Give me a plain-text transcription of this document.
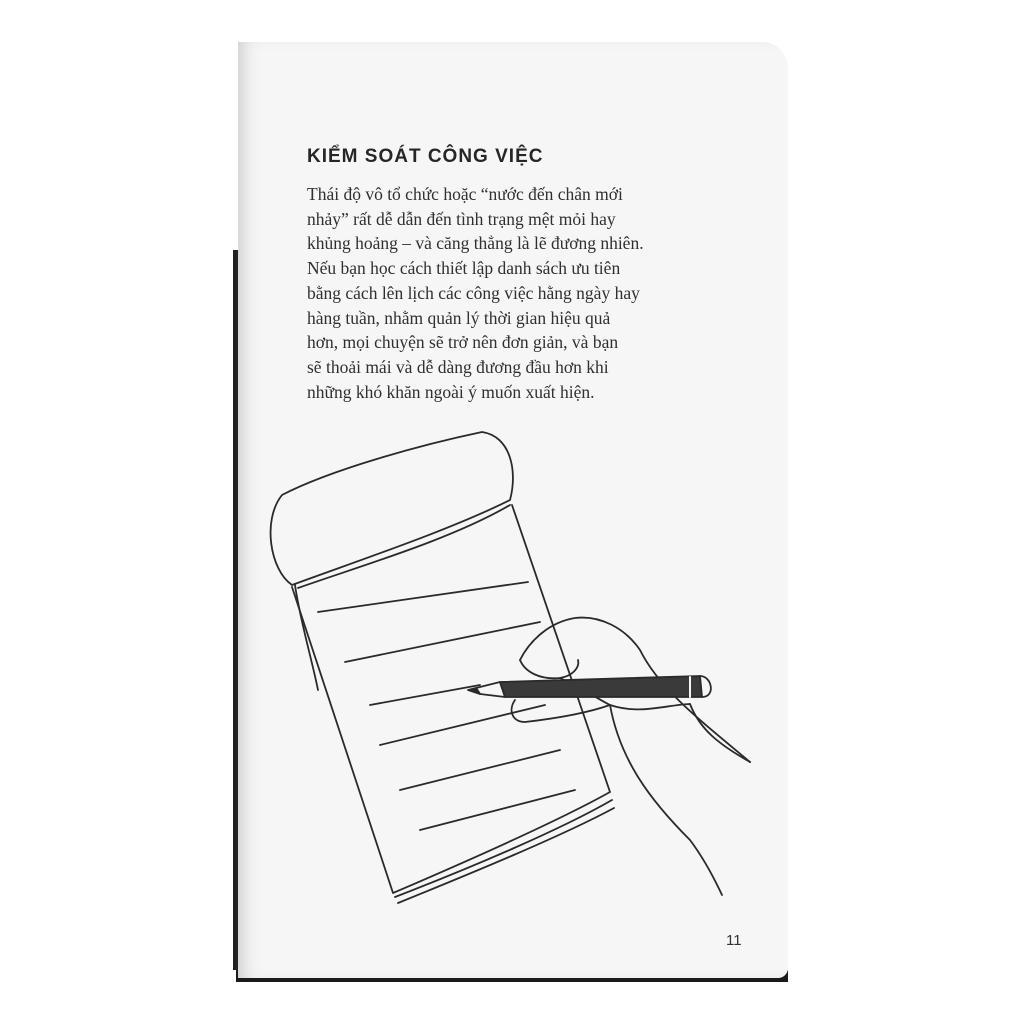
KIỂM SOÁT CÔNG VIỆC

Thái độ vô tổ chức hoặc “nước đến chân mới
nhảy” rất dễ dẫn đến tình trạng mệt mỏi hay
khủng hoảng – và căng thẳng là lẽ đương nhiên.
Nếu bạn học cách thiết lập danh sách ưu tiên
bằng cách lên lịch các công việc hằng ngày hay
hàng tuần, nhằm quản lý thời gian hiệu quả
hơn, mọi chuyện sẽ trở nên đơn giản, và bạn
sẽ thoải mái và dễ dàng đương đầu hơn khi
những khó khăn ngoài ý muốn xuất hiện.

11
